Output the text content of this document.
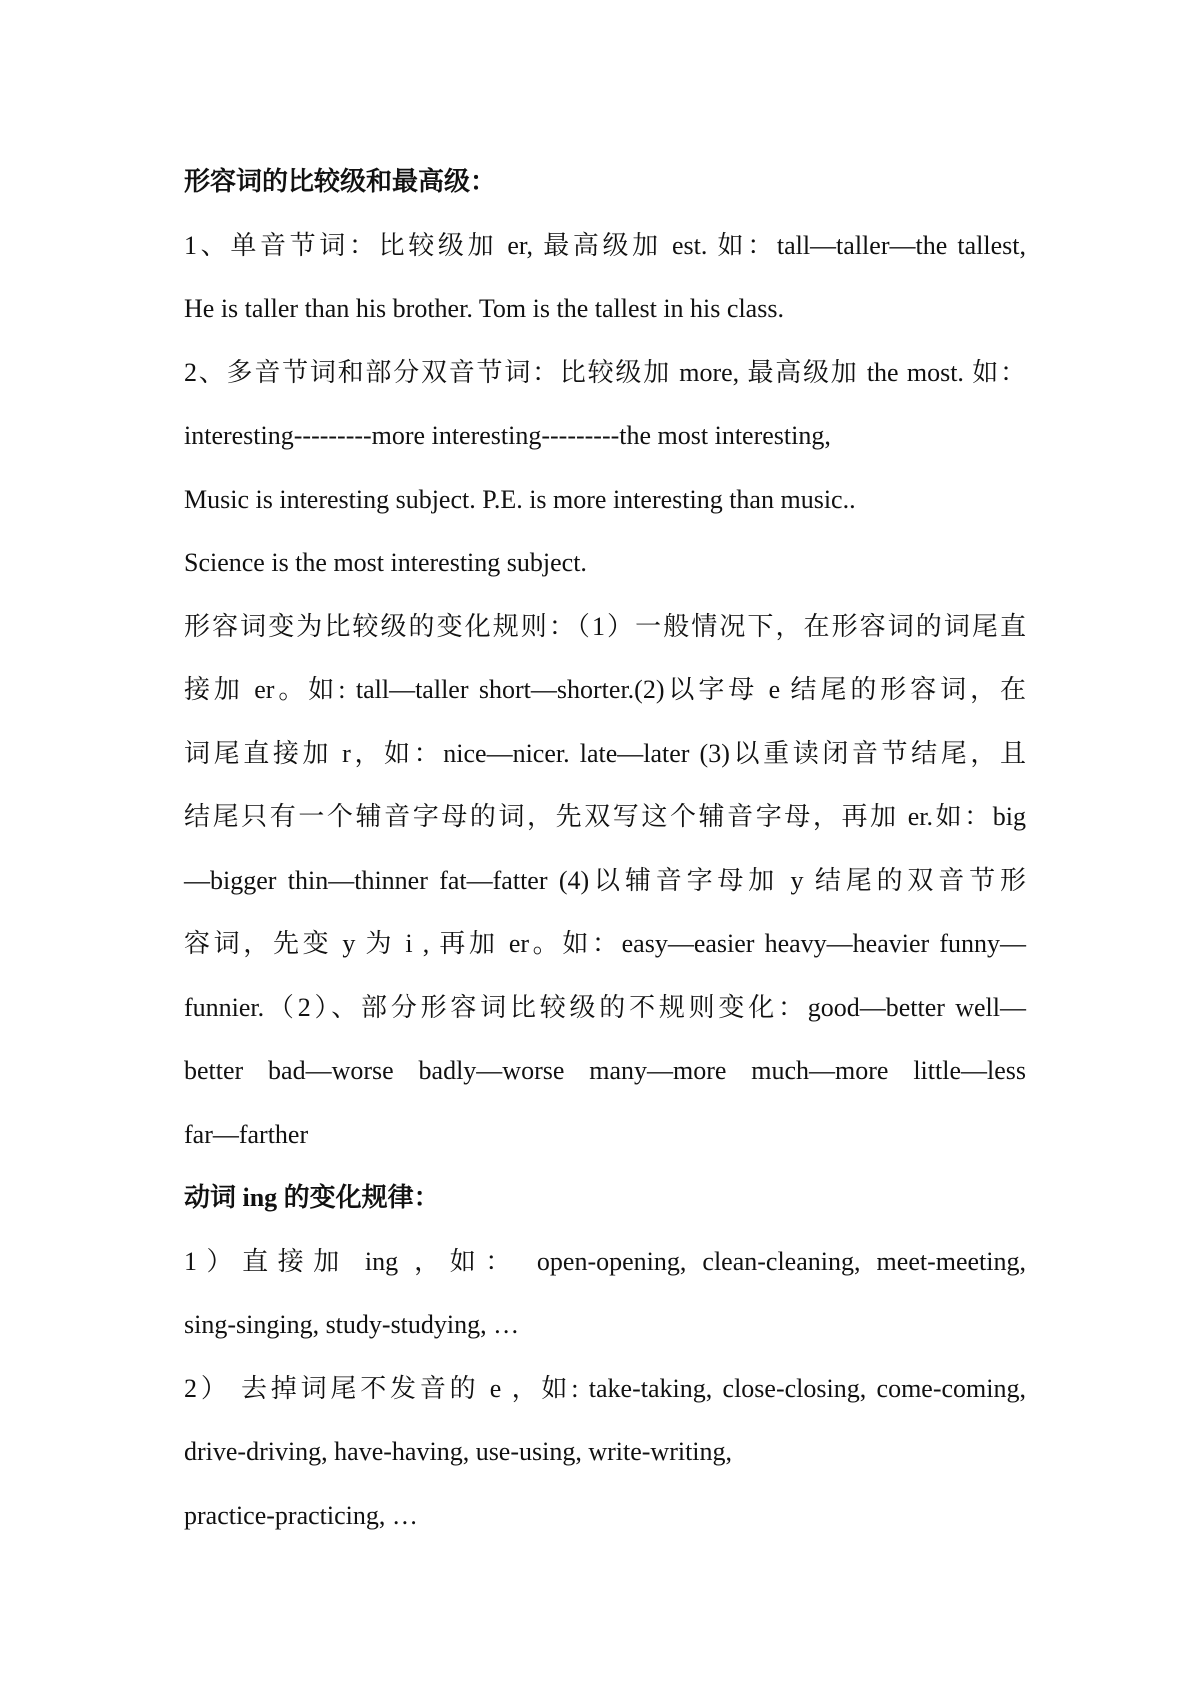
形容词的比较级和最高级：
1、单音节词：比较级加 er, 最高级加 est. 如：tall—taller—the tallest,
He is taller than his brother. Tom is the tallest in his class.
2、多音节词和部分双音节词：比较级加 more, 最高级加 the most. 如：
interesting---------more interesting---------the most interesting,
Music is interesting subject. P.E. is more interesting than music..
Science is the most interesting subject.
形容词变为比较级的变化规则：（1）一般情况下，在形容词的词尾直
接加 er。如: tall—taller short—shorter.(2)以字母 e 结尾的形容词，在
词尾直接加 r，如：nice—nicer. late—later (3)以重读闭音节结尾，且
结尾只有一个辅音字母的词，先双写这个辅音字母，再加 er.如：big
—bigger thin—thinner fat—fatter (4)以辅音字母加 y 结尾的双音节形
容词，先变 y 为 i , 再加 er。如：easy—easier heavy—heavier funny—
funnier.（2）、部分形容词比较级的不规则变化：good—better well—
better bad—worse badly—worse many—more much—more little—less
far—farther
动词 ing 的变化规律：
1）直接加 ing ，如： open-opening, clean-cleaning, meet-meeting,
sing-singing, study-studying, …
2） 去掉词尾不发音的 e ，如: take-taking, close-closing, come-coming,
drive-driving, have-having, use-using, write-writing,
practice-practicing, …
